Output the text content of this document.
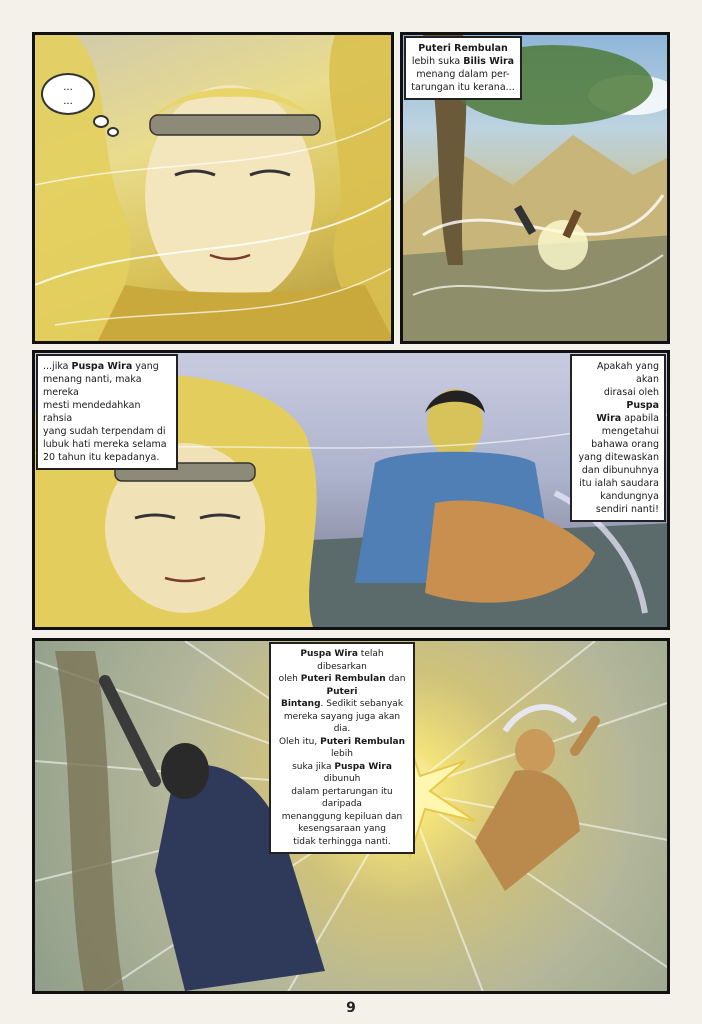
...
...
Puteri Rembulan
lebih suka Bilis Wira
menang dalam per-
tarungan itu kerana...
...jika Puspa Wira yang
menang nanti, maka mereka
mesti mendedahkan rahsia
yang sudah terpendam di
lubuk hati mereka selama
20 tahun itu kepadanya.
Apakah yang akan
dirasai oleh Puspa
Wira apabila
mengetahui
bahawa orang
yang ditewaskan
dan dibunuhnya
itu ialah saudara
kandungnya
sendiri nanti!
Puspa Wira telah dibesarkan
oleh Puteri Rembulan dan Puteri
Bintang. Sedikit sebanyak
mereka sayang juga akan dia.
Oleh itu, Puteri Rembulan lebih
suka jika Puspa Wira dibunuh
dalam pertarungan itu daripada
menanggung kepiluan dan
kesengsaraan yang
tidak terhingga nanti.
9
